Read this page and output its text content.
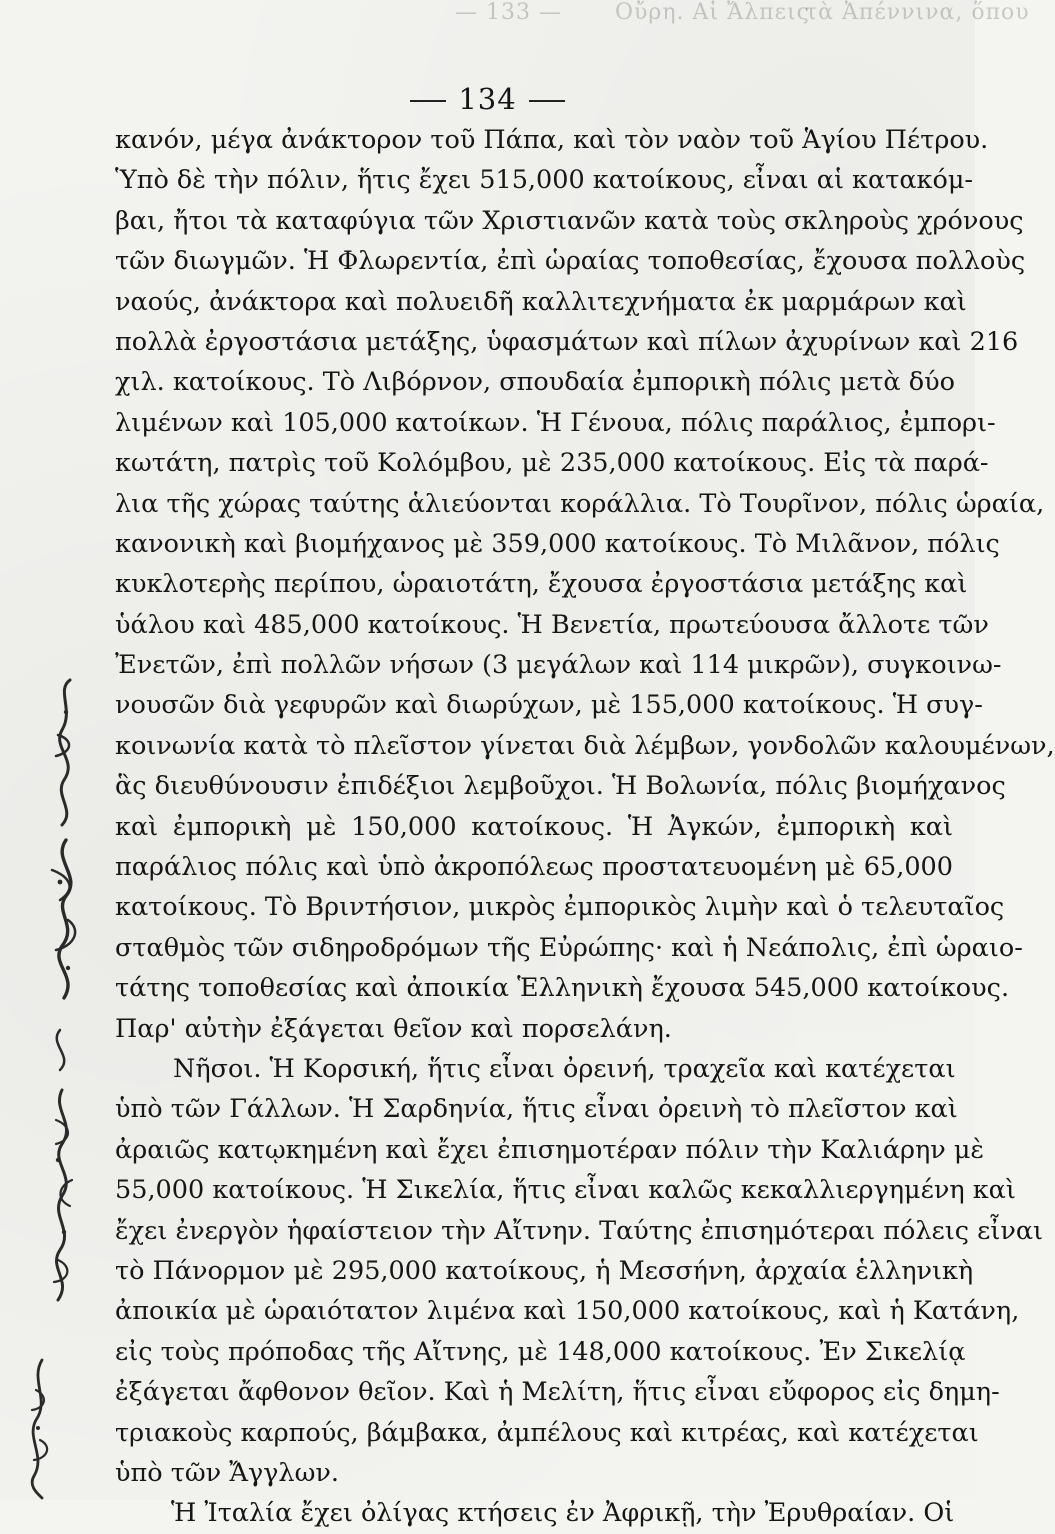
— 133 — Οὔρη. Αἱ Ἄλπεις
τὰ Ἀπέννινα, ὅπου
134
κανόν, μέγα ἀνάκτορον τοῦ Πάπα, καὶ τὸν ναὸν τοῦ Ἁγίου Πέτρου.
Ὑπὸ δὲ τὴν πόλιν, ἥτις ἔχει 515,000 κατοίκους, εἶναι αἱ κατακόμ-
βαι, ἤτοι τὰ καταφύγια τῶν Χριστιανῶν κατὰ τοὺς σκληροὺς χρόνους
τῶν διωγμῶν. Ἡ Φλωρεντία, ἐπὶ ὡραίας τοποθεσίας, ἔχουσα πολλοὺς
ναούς, ἀνάκτορα καὶ πολυειδῆ καλλιτεχνήματα ἐκ μαρμάρων καὶ
πολλὰ ἐργοστάσια μετάξης, ὑφασμάτων καὶ πίλων ἀχυρίνων καὶ 216
χιλ. κατοίκους. Τὸ Λιβόρνον, σπουδαία ἐμπορικὴ πόλις μετὰ δύο
λιμένων καὶ 105,000 κατοίκων. Ἡ Γένουα, πόλις παράλιος, ἐμπορι-
κωτάτη, πατρὶς τοῦ Κολόμβου, μὲ 235,000 κατοίκους. Εἰς τὰ παρά-
λια τῆς χώρας ταύτης ἁλιεύονται κοράλλια. Τὸ Τουρῖνον, πόλις ὡραία,
κανονικὴ καὶ βιομήχανος μὲ 359,000 κατοίκους. Τὸ Μιλᾶνον, πόλις
κυκλοτερὴς περίπου, ὡραιοτάτη, ἔχουσα ἐργοστάσια μετάξης καὶ
ὑάλου καὶ 485,000 κατοίκους. Ἡ Βενετία, πρωτεύουσα ἄλλοτε τῶν
Ἐνετῶν, ἐπὶ πολλῶν νήσων (3 μεγάλων καὶ 114 μικρῶν), συγκοινω-
νουσῶν διὰ γεφυρῶν καὶ διωρύχων, μὲ 155,000 κατοίκους. Ἡ συγ-
κοινωνία κατὰ τὸ πλεῖστον γίνεται διὰ λέμβων, γονδολῶν καλουμένων,
ἃς διευθύνουσιν ἐπιδέξιοι λεμβοῦχοι. Ἡ Βολωνία, πόλις βιομήχανος
καὶ ἐμπορικὴ μὲ 150,000 κατοίκους. Ἡ Ἀγκών, ἐμπορικὴ καὶ
παράλιος πόλις καὶ ὑπὸ ἀκροπόλεως προστατευομένη μὲ 65,000
κατοίκους. Τὸ Βρινтήσιον, μικρὸς ἐμπορικὸς λιμὴν καὶ ὁ τελευταῖος
σταθμὸς τῶν σιδηροδρόμων τῆς Εὐρώπης· καὶ ἡ Νεάπολις, ἐπὶ ὡραιο-
τάτης τοποθεσίας καὶ ἀποικία Ἑλληνικὴ ἔχουσα 545,000 κατοίκους.
Παρ' αὐτὴν ἐξάγεται θεῖον καὶ πορσελάνη.
Νῆσοι. Ἡ Κορσική, ἥτις εἶναι ὀρεινή, τραχεῖα καὶ κατέχεται
ὑπὸ τῶν Γάλλων. Ἡ Σαρδηνία, ἥτις εἶναι ὀρεινὴ τὸ πλεῖστον καὶ
ἀραιῶς κατῳκημένη καὶ ἔχει ἐπισημοτέραν πόλιν τὴν Καλιάρην μὲ
55,000 κατοίκους. Ἡ Σικελία, ἥτις εἶναι καλῶς κεκαλλιεργημένη καὶ
ἔχει ἐνεργὸν ἡφαίστειον τὴν Αἴτνην. Ταύτης ἐπισημότεραι πόλεις εἶναι
τὸ Πάνορμον μὲ 295,000 κατοίκους, ἡ Μεσσήνη, ἀρχαία ἑλληνικὴ
ἀποικία μὲ ὡραιότατον λιμένα καὶ 150,000 κατοίκους, καὶ ἡ Κατάνη,
εἰς τοὺς πρόποδας τῆς Αἴτνης, μὲ 148,000 κατοίκους. Ἐν Σικελίᾳ
ἐξάγεται ἄφθονον θεῖον. Καὶ ἡ Μελίτη, ἥτις εἶναι εὔφορος εἰς δημη-
τριακοὺς καρπούς, βάμβακα, ἀμπέλους καὶ κιτρέας, καὶ κατέχεται
ὑπὸ τῶν Ἄγγλων.
Ἡ Ἰταλία ἔχει ὀλίγας κτήσεις ἐν Ἀφρικῇ, τὴν Ἐρυθραίαν. Οἱ
